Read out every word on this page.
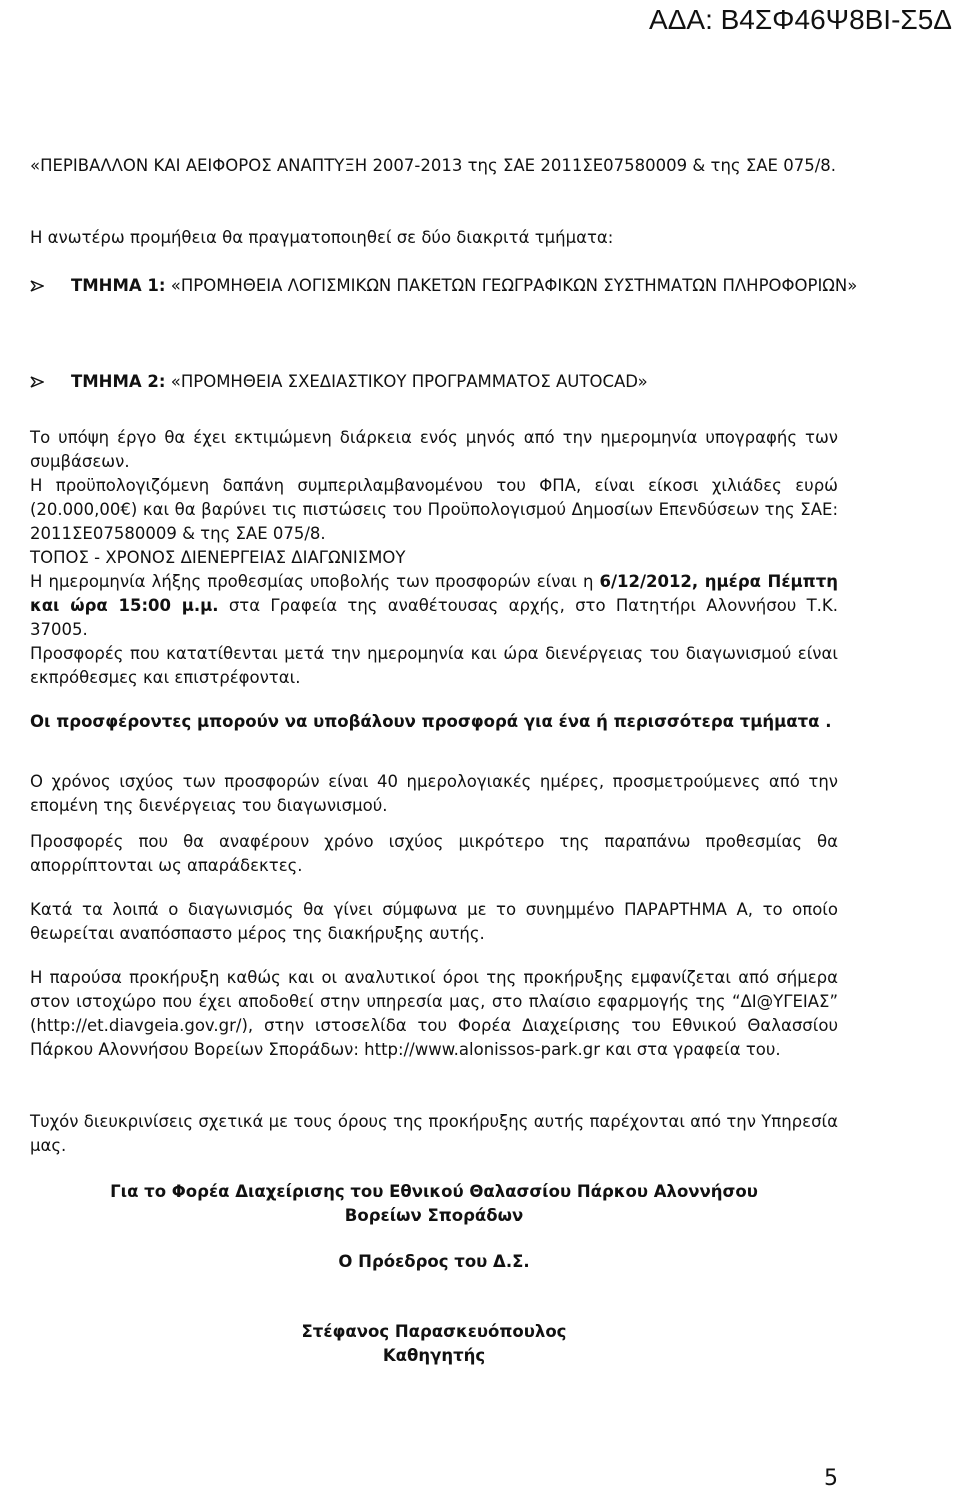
ΑΔΑ: Β4ΣΦ46Ψ8ΒΙ-Σ5Δ

«ΠΕΡΙΒΑΛΛΟΝ ΚΑΙ ΑΕΙΦΟΡΟΣ ΑΝΑΠΤΥΞΗ 2007-2013 της ΣΑΕ 2011ΣΕ07580009 & της ΣΑΕ 075/8.

Η ανωτέρω προμήθεια θα πραγματοποιηθεί σε δύο διακριτά τμήματα:

ΤΜΗΜΑ 1: «ΠΡΟΜΗΘΕΙΑ ΛΟΓΙΣΜΙΚΩΝ ΠΑΚΕΤΩΝ ΓΕΩΓΡΑΦΙΚΩΝ ΣΥΣΤΗΜΑΤΩΝ ΠΛΗΡΟΦΟΡΙΩΝ»
ΤΜΗΜΑ 2: «ΠΡΟΜΗΘΕΙΑ ΣΧΕΔΙΑΣΤΙΚΟΥ ΠΡΟΓΡΑΜΜΑΤΟΣ AUTOCAD»

Το υπόψη έργο θα έχει εκτιμώμενη διάρκεια ενός μηνός από την ημερομηνία υπογραφής των συμβάσεων.

Η προϋπολογιζόμενη δαπάνη συμπεριλαμβανομένου του ΦΠΑ, είναι είκοσι χιλιάδες ευρώ (20.000,00€) και θα βαρύνει τις πιστώσεις του Προϋπολογισμού Δημοσίων Επενδύσεων της ΣΑΕ: 2011ΣΕ07580009 & της ΣΑΕ 075/8.

ΤΟΠΟΣ - ΧΡΟΝΟΣ ΔΙΕΝΕΡΓΕΙΑΣ ΔΙΑΓΩΝΙΣΜΟΥ

Η ημερομηνία λήξης προθεσμίας υποβολής των προσφορών είναι η 6/12/2012, ημέρα Πέμπτη και ώρα 15:00 μ.μ. στα Γραφεία της αναθέτουσας αρχής, στο Πατητήρι Αλοννήσου Τ.Κ. 37005.

Προσφορές που κατατίθενται μετά την ημερομηνία και ώρα διενέργειας του διαγωνισμού είναι εκπρόθεσμες και επιστρέφονται.

Οι προσφέροντες μπορούν να υποβάλουν προσφορά για ένα ή περισσότερα τμήματα .

Ο χρόνος ισχύος των προσφορών είναι 40 ημερολογιακές ημέρες, προσμετρούμενες από την επομένη της διενέργειας του διαγωνισμού.

Προσφορές που θα αναφέρουν χρόνο ισχύος μικρότερο της παραπάνω προθεσμίας θα απορρίπτονται ως απαράδεκτες.

Κατά τα λοιπά ο διαγωνισμός θα γίνει σύμφωνα με το συνημμένο ΠΑΡΑΡΤΗΜΑ Α, το οποίο θεωρείται αναπόσπαστο μέρος της διακήρυξης αυτής.

Η παρούσα προκήρυξη καθώς και οι αναλυτικοί όροι της προκήρυξης εμφανίζεται από σήμερα στον ιστοχώρο που έχει αποδοθεί στην υπηρεσία μας, στο πλαίσιο εφαρμογής της “ΔΙ@ΥΓΕΙΑΣ” (http://et.diavgeia.gov.gr/), στην ιστοσελίδα του Φορέα Διαχείρισης του Εθνικού Θαλασσίου Πάρκου Αλοννήσου Βορείων Σποράδων: http://www.alonissos-park.gr και στα γραφεία του.

Τυχόν διευκρινίσεις σχετικά με τους όρους της προκήρυξης αυτής παρέχονται από την Υπηρεσία μας.

Για το Φορέα Διαχείρισης του Εθνικού Θαλασσίου Πάρκου Αλοννήσου

Βορείων Σποράδων

Ο Πρόεδρος του Δ.Σ.

Στέφανος Παρασκευόπουλος

Καθηγητής

5
